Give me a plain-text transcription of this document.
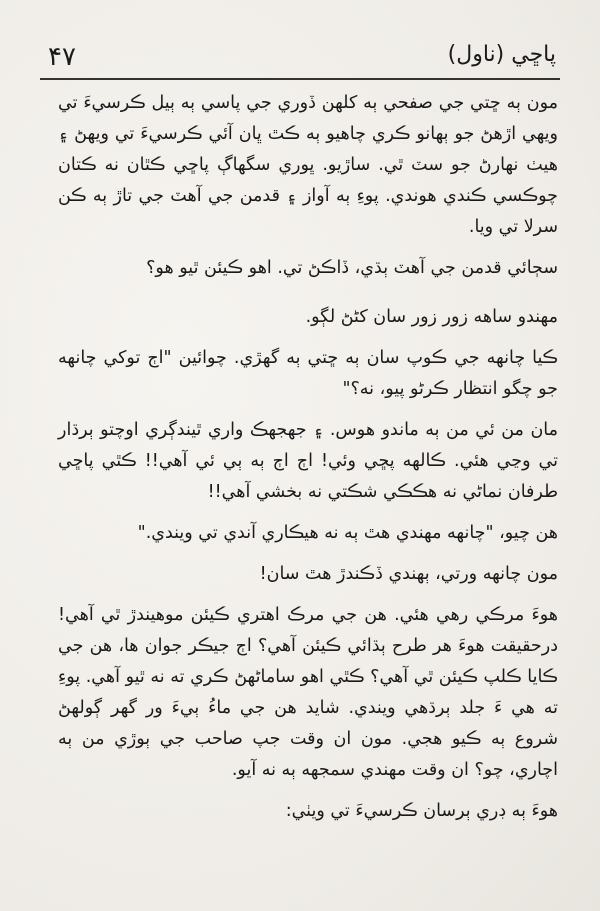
۴۷	پاڇي (ناول)

مون ٻه ڇتي جي صفحي ٻه کلهن ڏوري جي پاسي ٻه ٻيل ڪرسيءَ تي ويهي اڙهڻ جو ٻهانو ڪري چاهيو ٻه ڪٿ ڀان آئي ڪرسيءَ تي ويهڻ ۽ هيٺ نهارڻ جو سٽ ٿي. ساڙيو. ڀوري سگهاڳ پاڇي ڪٿان نه ڪتان چوڪسي ڪندي هوندي. پوءِ ٻه آواز ۽ قدمن جي آهٽ جي تاڙ ٻه ڪن سرلا تي ويا.

سڄائي قدمن جي آهٽ ٻڌي، ڏاڪڻ تي. اهو ڪيئن ٿيو هو؟

مهندو ساهه زور زور سان کڻڻ لڳو.

ڪيا چانهه جي ڪوپ سان ٻه ڇتي ٻه گهڙي. چوائين "اڄ توکي چانهه جو چگو انتظار ڪرڻو پيو، نه؟"

مان من ئي من ٻه ماندو هوس. ۽ جهجهڪ واري ٿيندڳري اوچتو ٻرڌار تي وڃي هئي. ڪالهه پڇي وئي! اڄ اڄ ٻه ٻي ئي آهي!! ڪٿي پاڇي طرفان نماڻي نه هڪڪي شڪتي نه بخشي آهي!!

هن چيو، "چانهه مهندي هٿ ٻه نه هيڪاري آندي تي ويندي."

مون چانهه ورتي، ٻهندي ڏڪندڙ هٿ سان!

هوءَ مرڪي رهي هئي. هن جي مرڪ اهتري ڪيئن موهيندڙ ٿي آهي! درحقيقت هوءَ هر طرح ٻڌائي ڪيئن آهي؟ اڄ جيڪر جوان ها، هن جي ڪايا ڪلپ ڪيئن ٿي آهي؟ ڪٿي اهو ساماڻهڻ ڪري ته نه ٿيو آهي. پوءِ ته هي ءَ جلد ٻرڌهي ويندي. شايد هن جي ماءُ ٻيءَ ور گهر ڳولهڻ شروع ٻه ڪيو هجي. مون ان وقت جپ صاحب جي ٻوڙي من ٻه اچاري، چو؟ ان وقت مهندي سمجهه ٻه نه آيو.

هوءَ ٻه ڊري ٻرسان ڪرسيءَ تي ويٺي:
